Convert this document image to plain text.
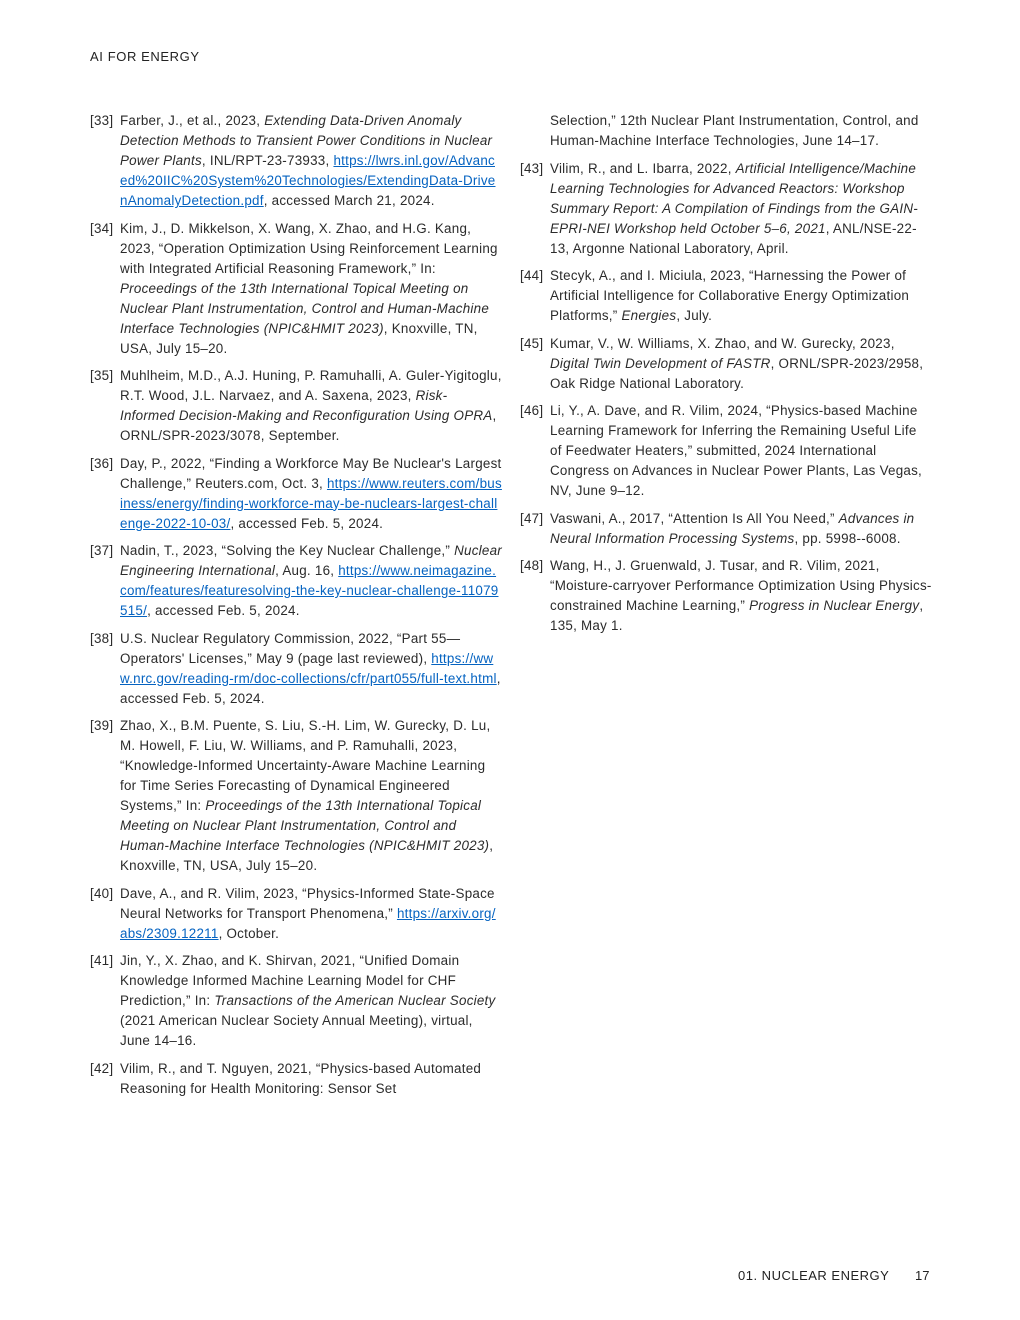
AI FOR ENERGY
[33] Farber, J., et al., 2023, Extending Data-Driven Anomaly Detection Methods to Transient Power Conditions in Nuclear Power Plants, INL/RPT-23-73933, https://lwrs.inl.gov/Advanced%20IIC%20System%20Technologies/ExtendingData-DrivenAnomalyDetection.pdf, accessed March 21, 2024.
[34] Kim, J., D. Mikkelson, X. Wang, X. Zhao, and H.G. Kang, 2023, “Operation Optimization Using Reinforcement Learning with Integrated Artificial Reasoning Framework,” In: Proceedings of the 13th International Topical Meeting on Nuclear Plant Instrumentation, Control and Human-Machine Interface Technologies (NPIC&HMIT 2023), Knoxville, TN, USA, July 15–20.
[35] Muhlheim, M.D., A.J. Huning, P. Ramuhalli, A. Guler-Yigitoglu, R.T. Wood, J.L. Narvaez, and A. Saxena, 2023, Risk-Informed Decision-Making and Reconfiguration Using OPRA, ORNL/SPR-2023/3078, September.
[36] Day, P., 2022, “Finding a Workforce May Be Nuclear's Largest Challenge,” Reuters.com, Oct. 3, https://www.reuters.com/business/energy/finding-workforce-may-be-nuclears-largest-challenge-2022-10-03/, accessed Feb. 5, 2024.
[37] Nadin, T., 2023, “Solving the Key Nuclear Challenge,” Nuclear Engineering International, Aug. 16, https://www.neimagazine.com/features/featuresolving-the-key-nuclear-challenge-11079515/, accessed Feb. 5, 2024.
[38] U.S. Nuclear Regulatory Commission, 2022, “Part 55—Operators' Licenses,” May 9 (page last reviewed), https://www.nrc.gov/reading-rm/doc-collections/cfr/part055/full-text.html, accessed Feb. 5, 2024.
[39] Zhao, X., B.M. Puente, S. Liu, S.-H. Lim, W. Gurecky, D. Lu, M. Howell, F. Liu, W. Williams, and P. Ramuhalli, 2023, “Knowledge-Informed Uncertainty-Aware Machine Learning for Time Series Forecasting of Dynamical Engineered Systems,” In: Proceedings of the 13th International Topical Meeting on Nuclear Plant Instrumentation, Control and Human-Machine Interface Technologies (NPIC&HMIT 2023), Knoxville, TN, USA, July 15–20.
[40] Dave, A., and R. Vilim, 2023, “Physics-Informed State-Space Neural Networks for Transport Phenomena,” https://arxiv.org/abs/2309.12211, October.
[41] Jin, Y., X. Zhao, and K. Shirvan, 2021, “Unified Domain Knowledge Informed Machine Learning Model for CHF Prediction,” In: Transactions of the American Nuclear Society (2021 American Nuclear Society Annual Meeting), virtual, June 14–16.
[42] Vilim, R., and T. Nguyen, 2021, “Physics-based Automated Reasoning for Health Monitoring: Sensor Set
Selection,” 12th Nuclear Plant Instrumentation, Control, and Human-Machine Interface Technologies, June 14–17.
[43] Vilim, R., and L. Ibarra, 2022, Artificial Intelligence/Machine Learning Technologies for Advanced Reactors: Workshop Summary Report: A Compilation of Findings from the GAIN-EPRI-NEI Workshop held October 5–6, 2021, ANL/NSE-22-13, Argonne National Laboratory, April.
[44] Stecyk, A., and I. Miciula, 2023, “Harnessing the Power of Artificial Intelligence for Collaborative Energy Optimization Platforms,” Energies, July.
[45] Kumar, V., W. Williams, X. Zhao, and W. Gurecky, 2023, Digital Twin Development of FASTR, ORNL/SPR-2023/2958, Oak Ridge National Laboratory.
[46] Li, Y., A. Dave, and R. Vilim, 2024, “Physics-based Machine Learning Framework for Inferring the Remaining Useful Life of Feedwater Heaters,” submitted, 2024 International Congress on Advances in Nuclear Power Plants, Las Vegas, NV, June 9–12.
[47] Vaswani, A., 2017, “Attention Is All You Need,” Advances in Neural Information Processing Systems, pp. 5998--6008.
[48] Wang, H., J. Gruenwald, J. Tusar, and R. Vilim, 2021, “Moisture-carryover Performance Optimization Using Physics-constrained Machine Learning,” Progress in Nuclear Energy, 135, May 1.
01. NUCLEAR ENERGY 17
